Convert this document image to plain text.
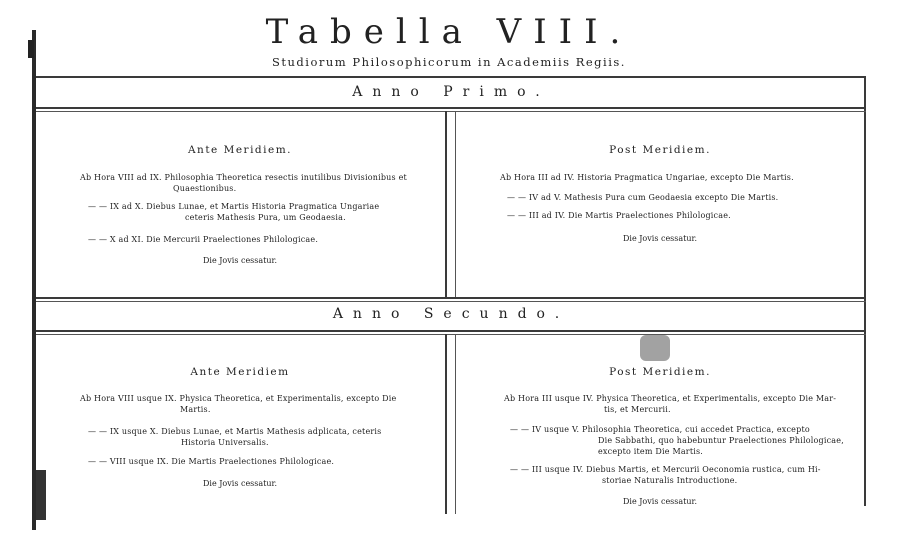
Tabella VIII.
Studiorum Philosophicorum in Academiis Regiis.
Anno Primo.
Ante Meridiem.
Ab Hora VIII ad IX. Philosophia Theoretica resectis inutilibus Divisionibus et
Quaestionibus.
— — IX ad X. Diebus Lunae, et Martis Historia Pragmatica Ungariae
ceteris Mathesis Pura, um Geodaesia.
— — X ad XI. Die Mercurii Praelectiones Philologicae.
Die Jovis cessatur.
Post Meridiem.
Ab Hora III ad IV. Historia Pragmatica Ungariae, excepto Die Martis.
— — IV ad V. Mathesis Pura cum Geodaesia excepto Die Martis.
— — III ad IV. Die Martis Praelectiones Philologicae.
Die Jovis cessatur.
Anno Secundo.
Ante Meridiem
Ab Hora VIII usque IX. Physica Theoretica, et Experimentalis, excepto Die
Martis.
— — IX usque X. Diebus Lunae, et Martis Mathesis adplicata, ceteris
Historia Universalis.
— — VIII usque IX. Die Martis Praelectiones Philologicae.
Die Jovis cessatur.
Post Meridiem.
Ab Hora III usque IV. Physica Theoretica, et Experimentalis, excepto Die Mar-
tis, et Mercurii.
— — IV usque V. Philosophia Theoretica, cui accedet Practica, excepto
Die Sabbathi, quo habebuntur Praelectiones Philologicae,
excepto item Die Martis.
— — III usque IV. Diebus Martis, et Mercurii Oeconomia rustica, cum Hi-
storiae Naturalis Introductione.
Die Jovis cessatur.
